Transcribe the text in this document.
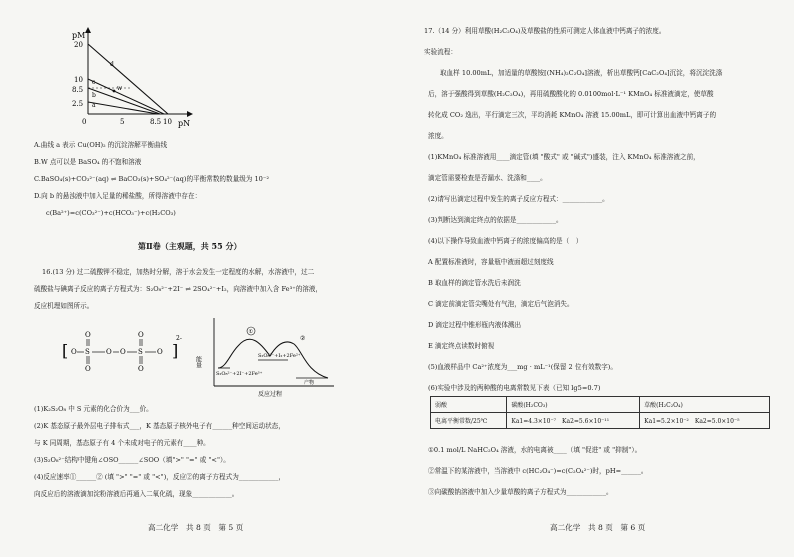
pM
pN
20
10
8.5
2.5
0	5	8.5 10
a
b
c
d
w
A.曲线 a 表示 Cu(OH)₂ 的沉淀溶解平衡曲线
B.W 点可以是 BaSO₄ 的不饱和溶液
C.BaSO₄(s)+CO₃²⁻(aq) ⇌ BaCO₃(s)+SO₄²⁻(aq)的平衡常数的数量级为 10⁻²
D.向 b 的悬浊液中加入足量的稀盐酸，所得溶液中存在：
c(Ba²⁺)=c(CO₃²⁻)+c(HCO₃⁻)+c(H₂CO₃)
第Ⅱ卷（主观题，共 55 分）
16.(13 分) 过二硫酸钾不稳定，加热时分解，溶于水会发生一定程度的水解，水溶液中，过二
硫酸盐与碘离子反应的离子方程式为：S₂O₈²⁻+2I⁻ ⇌ 2SO₄²⁻+I₂，向溶液中加入含 Fe³⁺的溶液，
反应机理如图所示。
[	]
2-
O S O O S O
O
O
O
O
①
②
S₂O₈²⁻+I₂+2Fe²⁺
S₂O₈²⁻+2I⁻+2Fe³⁺
产物
能量
反应过程
(1)K₂S₂O₈ 中 S 元素的化合价为___价。
(2)K 基态原子最外层电子排布式___，K 基态原子核外电子有______种空间运动状态，
与 K 同周期，基态原子有 4 个未成对电子的元素有____种。
(3)S₂O₈²⁻结构中键角∠OSO______∠SOO（填">" "=" 或 "<"）。
(4)反应速率①______② (填 ">" "=" 或 "<")，反应②的离子方程式为____________，
向反应后的溶液滴加淀粉溶液后再通入二氧化硫，现象____________。
高二化学　共 8 页　第 5 页
17.（14 分）利用草酸(H₂C₂O₄)及草酸盐的性质可测定人体血液中钙离子的浓度。
实验流程：
取血样 10.00mL，加适量的草酸铵[(NH₄)₂C₂O₄]溶液，析出草酸钙[CaC₂O₄]沉淀，将沉淀洗涤
后，溶于强酸得到草酸(H₂C₂O₄)，再用硫酸酸化的 0.0100mol·L⁻¹ KMnO₄ 标准液滴定，使草酸
转化成 CO₂ 逸出，平行滴定三次，平均消耗 KMnO₄ 溶液 15.00mL，即可计算出血液中钙离子的
浓度。
(1)KMnO₄ 标准溶液用____滴定管(填 "酸式" 或 "碱式")盛装，注入 KMnO₄ 标准溶液之前，
滴定管需要检查是否漏水、洗涤和____。
(2)请写出滴定过程中发生的离子反应方程式：____________。
(3)判断达到滴定终点的依据是____________。
(4)以下操作导致血液中钙离子的浓度偏高的是（　）
A 配置标准液时，容量瓶中液面超过刻度线
B 取血样的滴定管水洗后未润洗
C 滴定前滴定管尖嘴处有气泡，滴定后气泡消失。
D 滴定过程中锥形瓶内液体溅出
E 滴定终点读数时俯视
(5)血液样品中 Ca²⁺浓度为___mg · mL⁻¹(保留 2 位有效数字)。
(6)实验中涉及的两种酸的电离常数见下表（已知 lg5=0.7)
弱酸	碳酸(H₂CO₃)	草酸(H₂C₂O₄)
电离平衡常数/25℃	Ka1=4.3×10⁻⁷　Ka2=5.6×10⁻¹¹	Ka1=5.2×10⁻²　Ka2=5.0×10⁻⁵
①0.1 mol/L NaHC₂O₄ 溶液，水的电离被____（填 "促进" 或 "抑制"）。
②常温下的某溶液中，当溶液中 c(HC₂O₄⁻)=c(C₂O₄²⁻)时，pH=______。
③向碳酸钠溶液中加入少量草酸的离子方程式为____________。
高二化学　共 8 页　第 6 页
